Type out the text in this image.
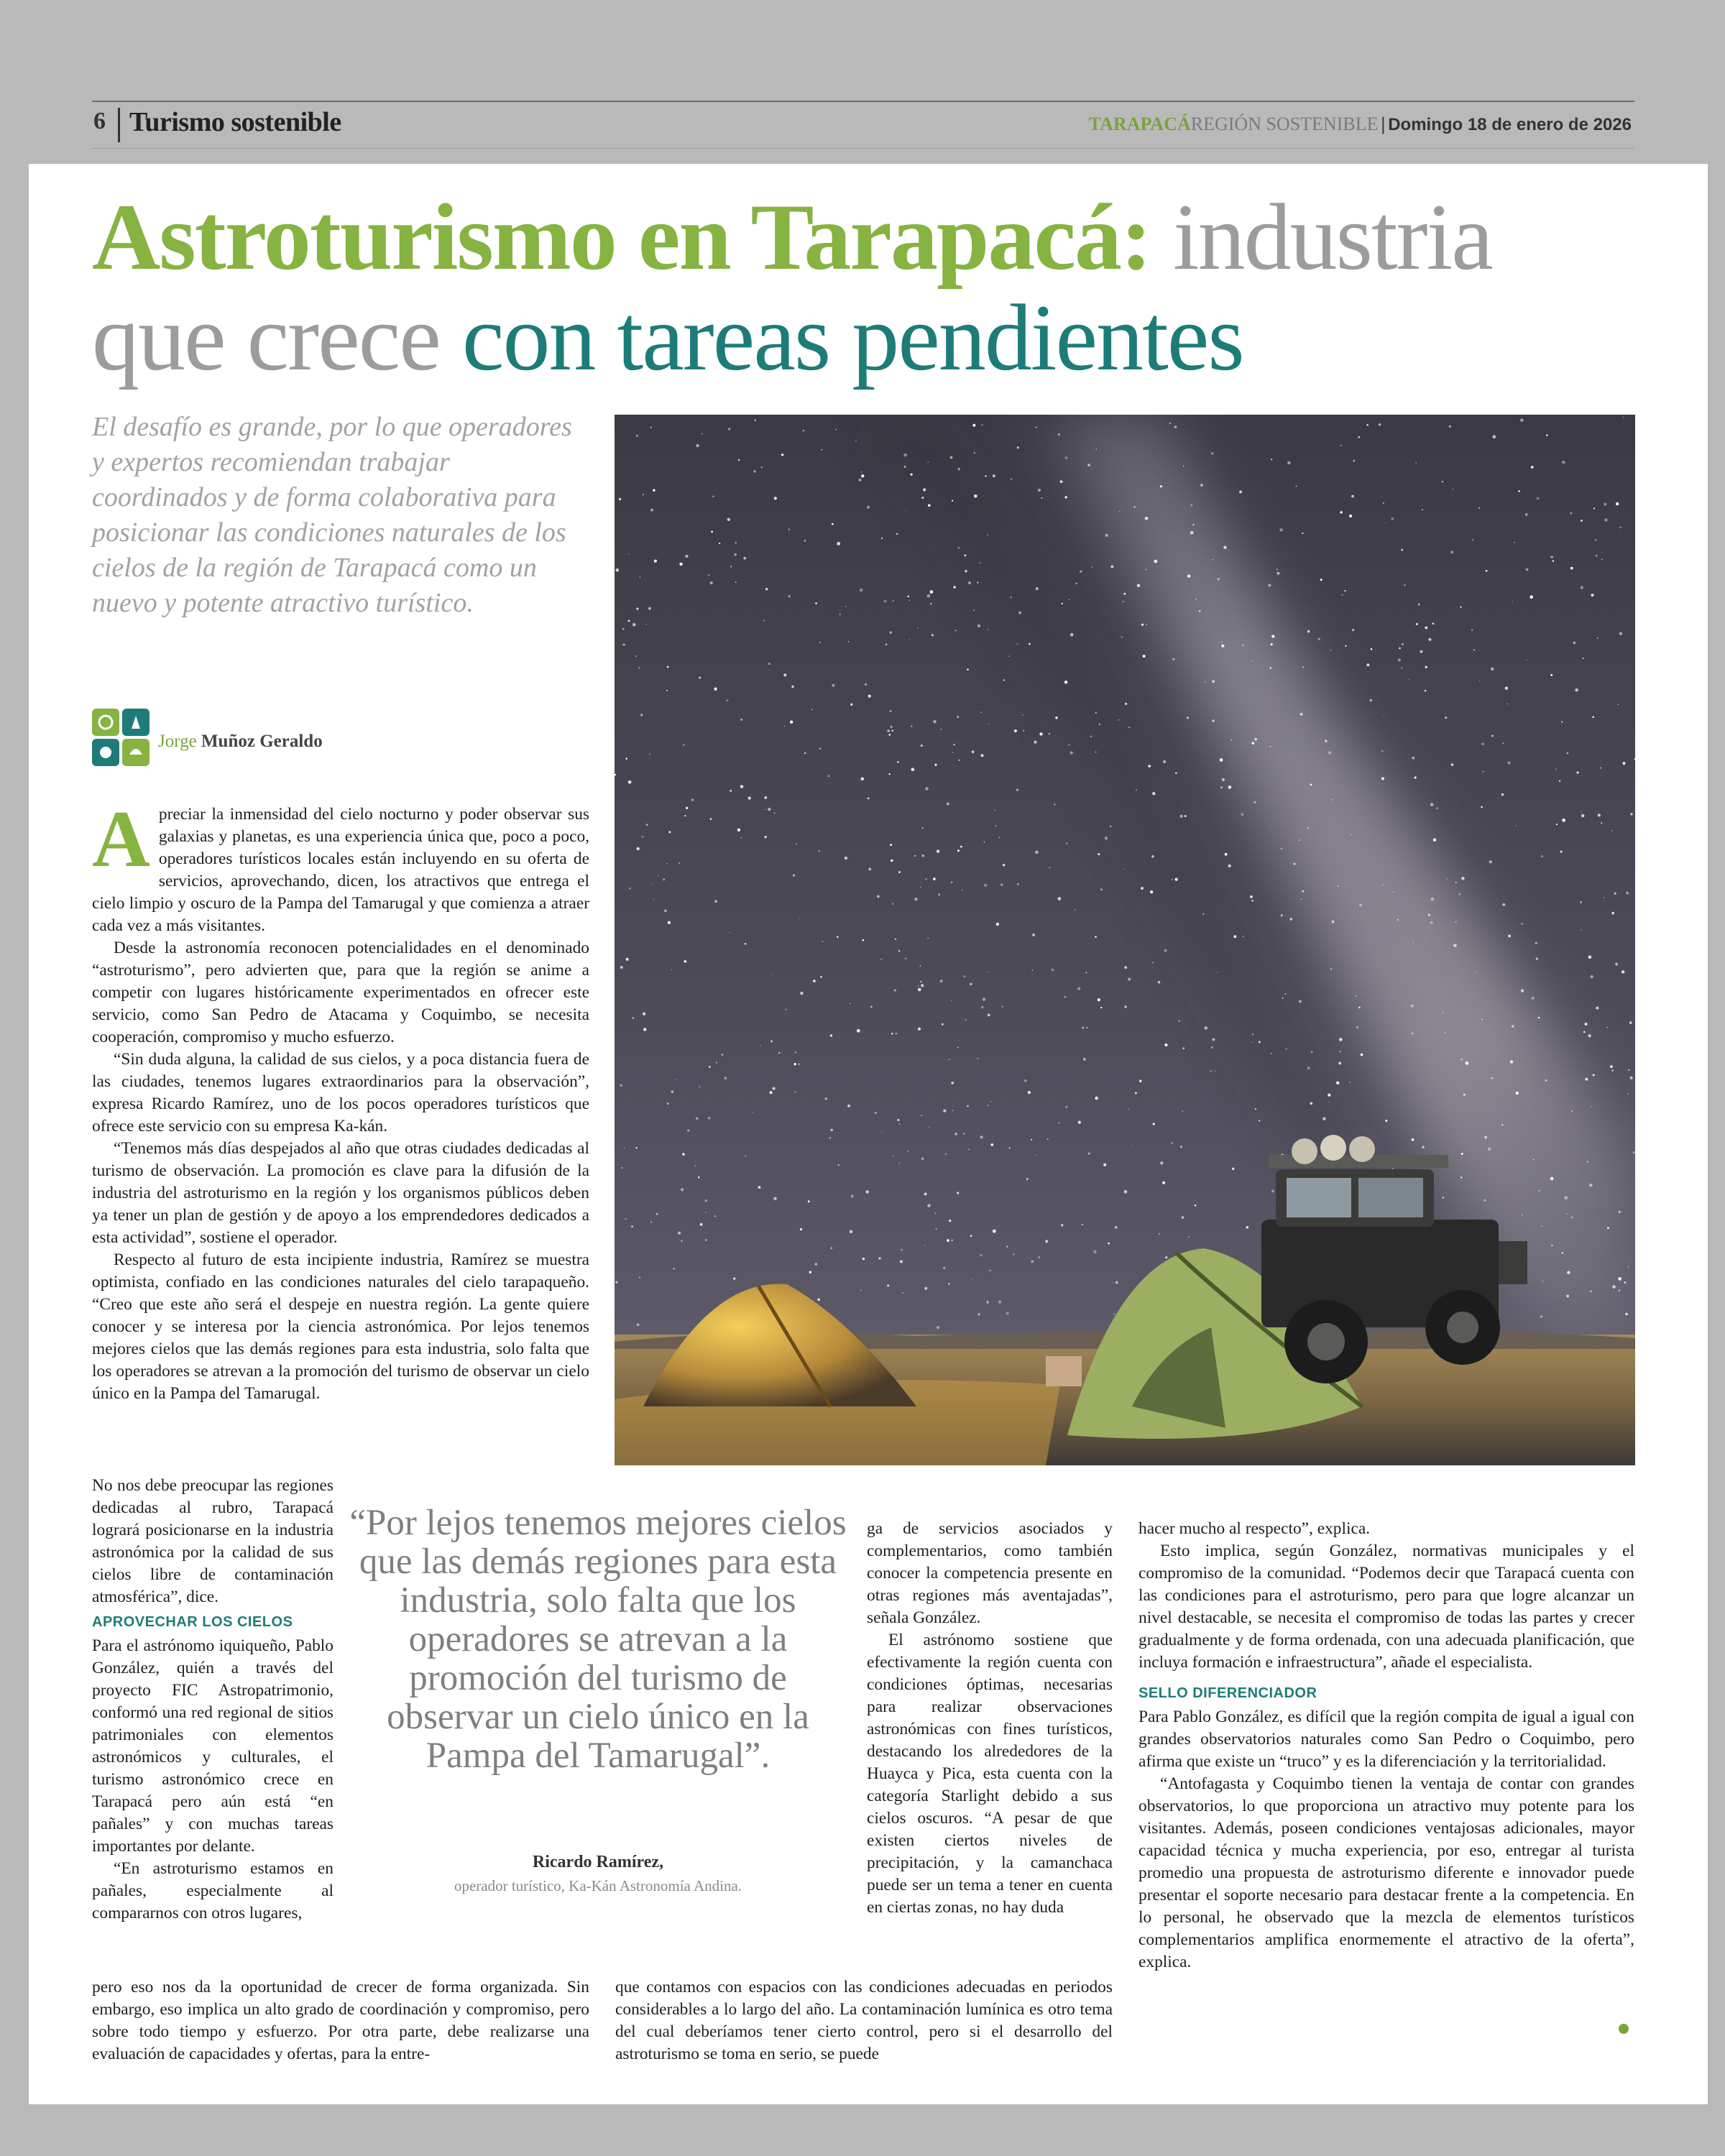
6 Turismo sostenible	TARAPACÁREGIÓN SOSTENIBLE | Domingo 18 de enero de 2026
Astroturismo en Tarapacá: industria
que crece con tareas pendientes
El desafío es grande, por lo que operadores y expertos recomiendan trabajar coordinados y de forma colaborativa para posicionar las condiciones naturales de los cielos de la región de Tarapacá como un nuevo y potente atractivo turístico.
Jorge Muñoz Geraldo

Apreciar la inmensidad del cielo nocturno y poder observar sus galaxias y planetas, es una experiencia única que, poco a poco, operadores turísticos locales están incluyendo en su oferta de servicios, aprovechando, dicen, los atractivos que entrega el cielo limpio y oscuro de la Pampa del Tamarugal y que comienza a atraer cada vez a más visitantes.

Desde la astronomía reconocen potencialidades en el denominado “astroturismo”, pero advierten que, para que la región se anime a competir con lugares históricamente experimentados en ofrecer este servicio, como San Pedro de Atacama y Coquimbo, se necesita cooperación, compromiso y mucho esfuerzo.

“Sin duda alguna, la calidad de sus cielos, y a poca distancia fuera de las ciudades, tenemos lugares extraordinarios para la observación”, expresa Ricardo Ramírez, uno de los pocos operadores turísticos que ofrece este servicio con su empresa Ka-kán.

“Tenemos más días despejados al año que otras ciudades dedicadas al turismo de observación. La promoción es clave para la difusión de la industria del astroturismo en la región y los organismos públicos deben ya tener un plan de gestión y de apoyo a los emprendedores dedicados a esta actividad”, sostiene el operador.

Respecto al futuro de esta incipiente industria, Ramírez se muestra optimista, confiado en las condiciones naturales del cielo tarapaqueño. “Creo que este año será el despeje en nuestra región. La gente quiere conocer y se interesa por la ciencia astronómica. Por lejos tenemos mejores cielos que las demás regiones para esta industria, solo falta que los operadores se atrevan a la promoción del turismo de observar un cielo único en la Pampa del Tamarugal.

No nos debe preocupar las regiones dedicadas al rubro, Tarapacá logrará posicionarse en la industria astronómica por la calidad de sus cielos libre de contaminación atmosférica”, dice.

APROVECHAR LOS CIELOS

Para el astrónomo iquiqueño, Pablo González, quién a través del proyecto FIC Astropatrimonio, conformó una red regional de sitios patrimoniales con elementos astronómicos y culturales, el turismo astronómico crece en Tarapacá pero aún está “en pañales” y con muchas tareas importantes por delante.

“En astroturismo estamos en pañales, especialmente al compararnos con otros lugares,

pero eso nos da la oportunidad de crecer de forma organizada. Sin embargo, eso implica un alto grado de coordinación y compromiso, pero sobre todo tiempo y esfuerzo. Por otra parte, debe realizarse una evaluación de capacidades y ofertas, para la entre-

“Por lejos tenemos mejores cielos que las demás regiones para esta industria, solo falta que los operadores se atrevan a la promoción del turismo de observar un cielo único en la Pampa del Tamarugal”.
Ricardo Ramírez,
operador turístico, Ka-Kán Astronomía Andina.

ga de servicios asociados y complementarios, como también conocer la competencia presente en otras regiones más aventajadas”, señala González.

El astrónomo sostiene que efectivamente la región cuenta con condiciones óptimas, necesarias para realizar observaciones astronómicas con fines turísticos, destacando los alrededores de la Huayca y Pica, esta cuenta con la categoría Starlight debido a sus cielos oscuros. “A pesar de que existen ciertos niveles de precipitación, y la camanchaca puede ser un tema a tener en cuenta en ciertas zonas, no hay duda

que contamos con espacios con las condiciones adecuadas en periodos considerables a lo largo del año. La contaminación lumínica es otro tema del cual deberíamos tener cierto control, pero si el desarrollo del astroturismo se toma en serio, se puede

hacer mucho al respecto”, explica.

Esto implica, según González, normativas municipales y el compromiso de la comunidad. “Podemos decir que Tarapacá cuenta con las condiciones para el astroturismo, pero para que logre alcanzar un nivel destacable, se necesita el compromiso de todas las partes y crecer gradualmente y de forma ordenada, con una adecuada planificación, que incluya formación e infraestructura”, añade el especialista.

SELLO DIFERENCIADOR

Para Pablo González, es difícil que la región compita de igual a igual con grandes observatorios naturales como San Pedro o Coquimbo, pero afirma que existe un “truco” y es la diferenciación y la territorialidad.

“Antofagasta y Coquimbo tienen la ventaja de contar con grandes observatorios, lo que proporciona un atractivo muy potente para los visitantes. Además, poseen condiciones ventajosas adicionales, mayor capacidad técnica y mucha experiencia, por eso, entregar al turista promedio una propuesta de astroturismo diferente e innovador puede presentar el soporte necesario para destacar frente a la competencia. En lo personal, he observado que la mezcla de elementos turísticos complementarios amplifica enormemente el atractivo de la oferta”, explica.
